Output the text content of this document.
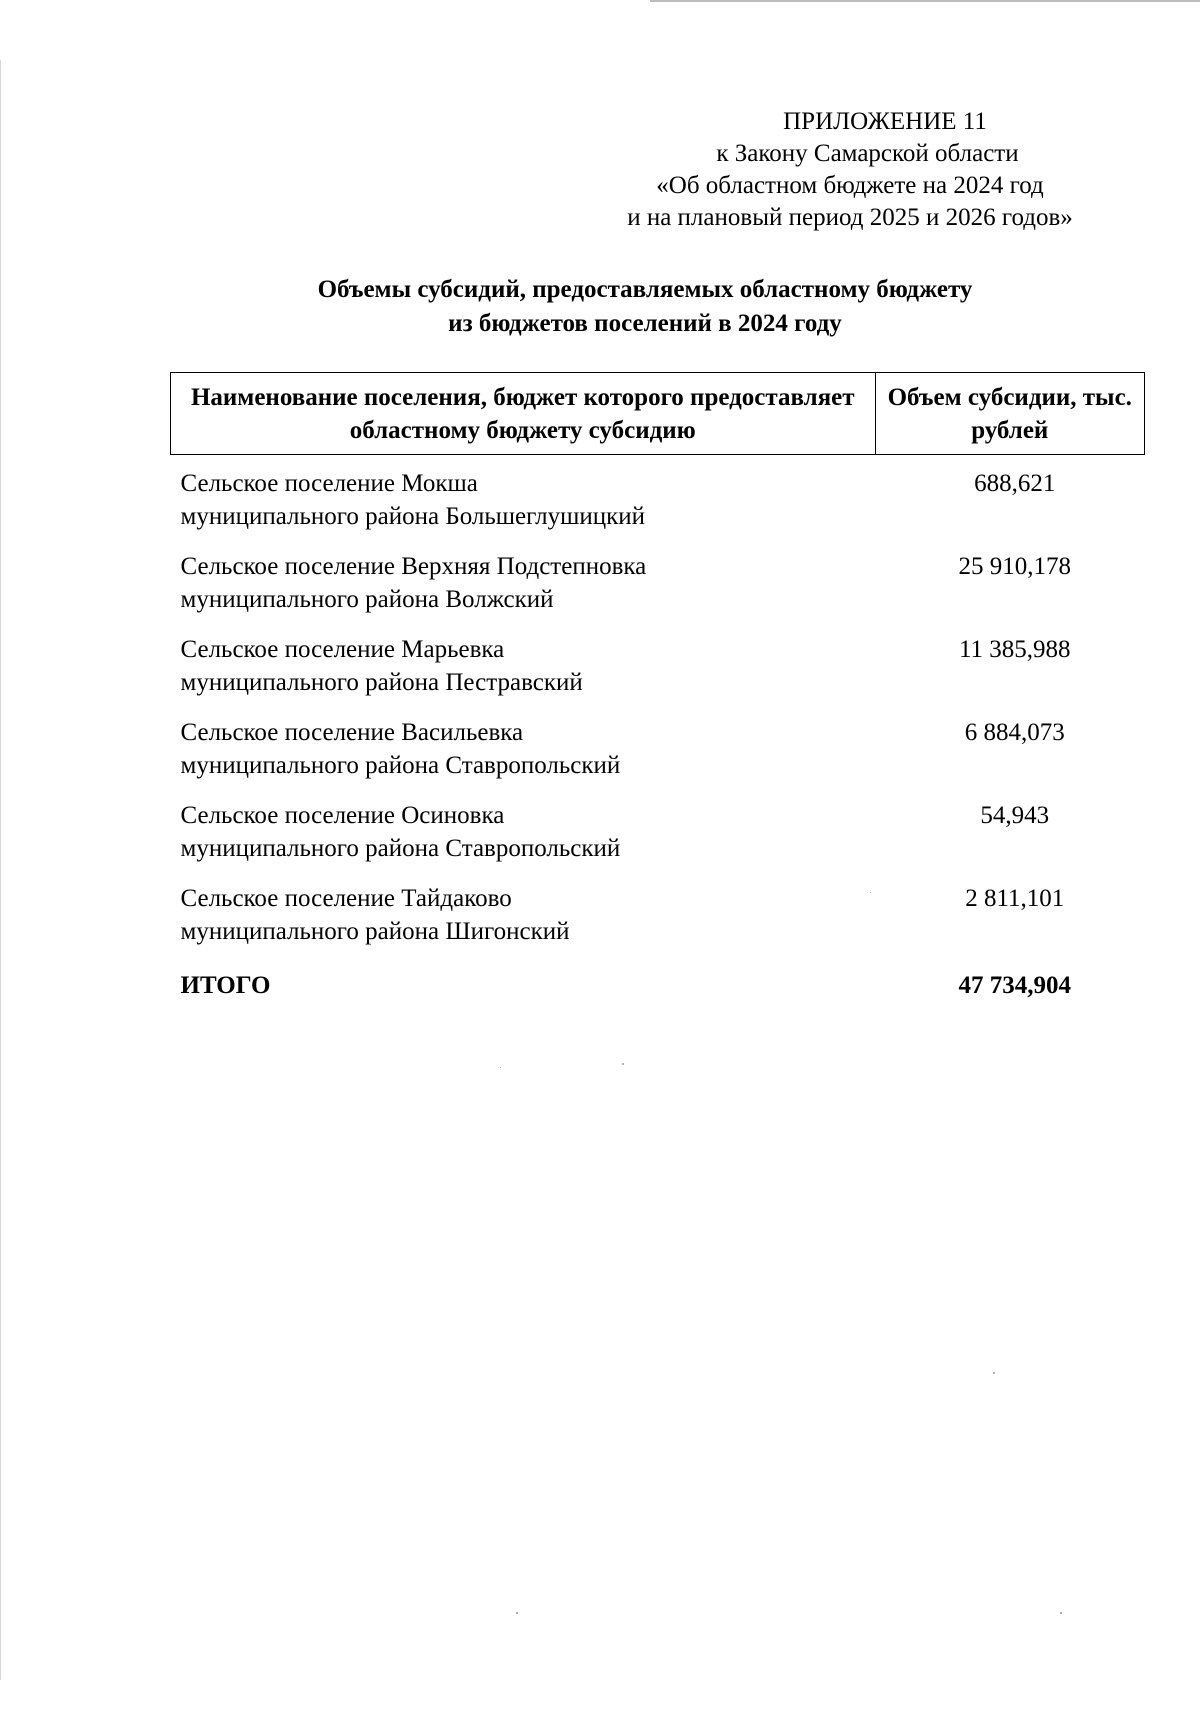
ПРИЛОЖЕНИЕ 11
к Закону Самарской области
«Об областном бюджете на 2024 год
и на плановый период 2025 и 2026 годов»
Объемы субсидий, предоставляемых областному бюджету
из бюджетов поселений в 2024 году
Наименование поселения, бюджет которого предоставляет областному бюджету субсидию	Объем субсидии, тыс. рублей

Сельское поселение Мокша
муниципального района Большеглушицкий	688,621

Сельское поселение Верхняя Подстепновка
муниципального района Волжский	25 910,178

Сельское поселение Марьевка
муниципального района Пестравский	11 385,988

Сельское поселение Васильевка
муниципального района Ставропольский	6 884,073

Сельское поселение Осиновка
муниципального района Ставропольский	54,943

Сельское поселение Тайдаково
муниципального района Шигонский	2 811,101
ИТОГО	47 734,904
